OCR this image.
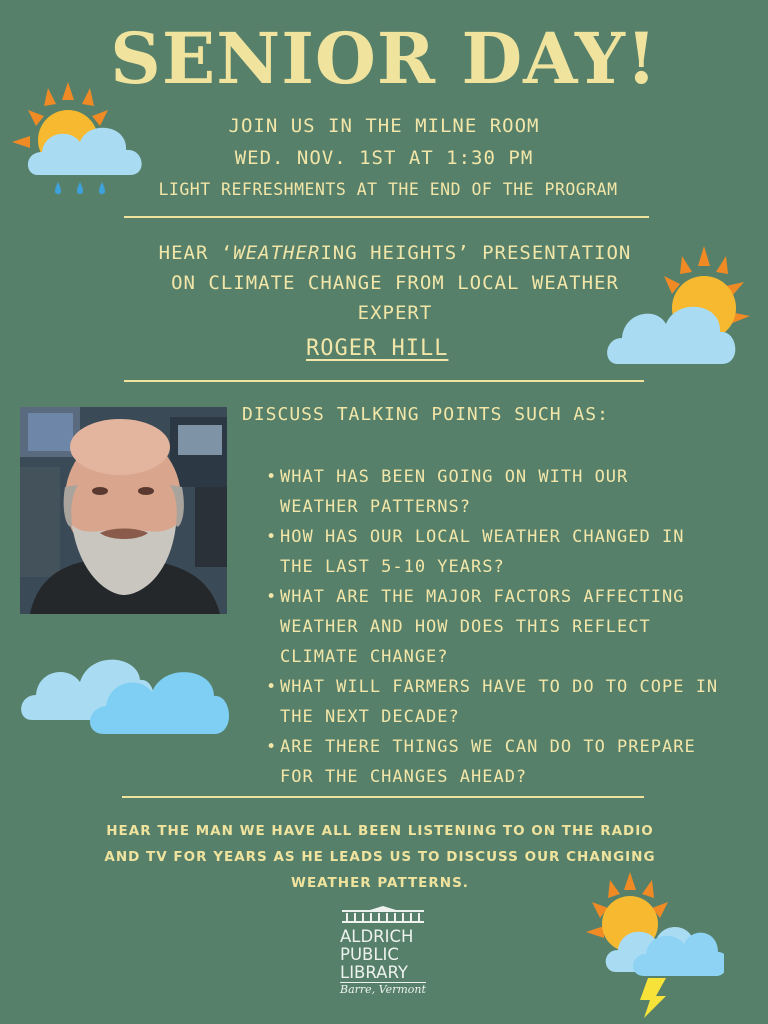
SENIOR DAY!
JOIN US IN THE MILNE ROOM
WED. NOV. 1ST AT 1:30 PM
LIGHT REFRESHMENTS AT THE END OF THE PROGRAM
HEAR ‘WEATHERING HEIGHTS’ PRESENTATION
ON CLIMATE CHANGE FROM LOCAL WEATHER
EXPERT
ROGER HILL
DISCUSS TALKING POINTS SUCH AS:
• WHAT HAS BEEN GOING ON WITH OUR
WEATHER PATTERNS?
• HOW HAS OUR LOCAL WEATHER CHANGED IN
THE LAST 5-10 YEARS?
• WHAT ARE THE MAJOR FACTORS AFFECTING
WEATHER AND HOW DOES THIS REFLECT
CLIMATE CHANGE?
• WHAT WILL FARMERS HAVE TO DO TO COPE IN
THE NEXT DECADE?
• ARE THERE THINGS WE CAN DO TO PREPARE
FOR THE CHANGES AHEAD?
HEAR THE MAN WE HAVE ALL BEEN LISTENING TO ON THE RADIO
AND TV FOR YEARS AS HE LEADS US TO DISCUSS OUR CHANGING
WEATHER PATTERNS.
ALDRICH
PUBLIC
LIBRARY
Barre, Vermont
